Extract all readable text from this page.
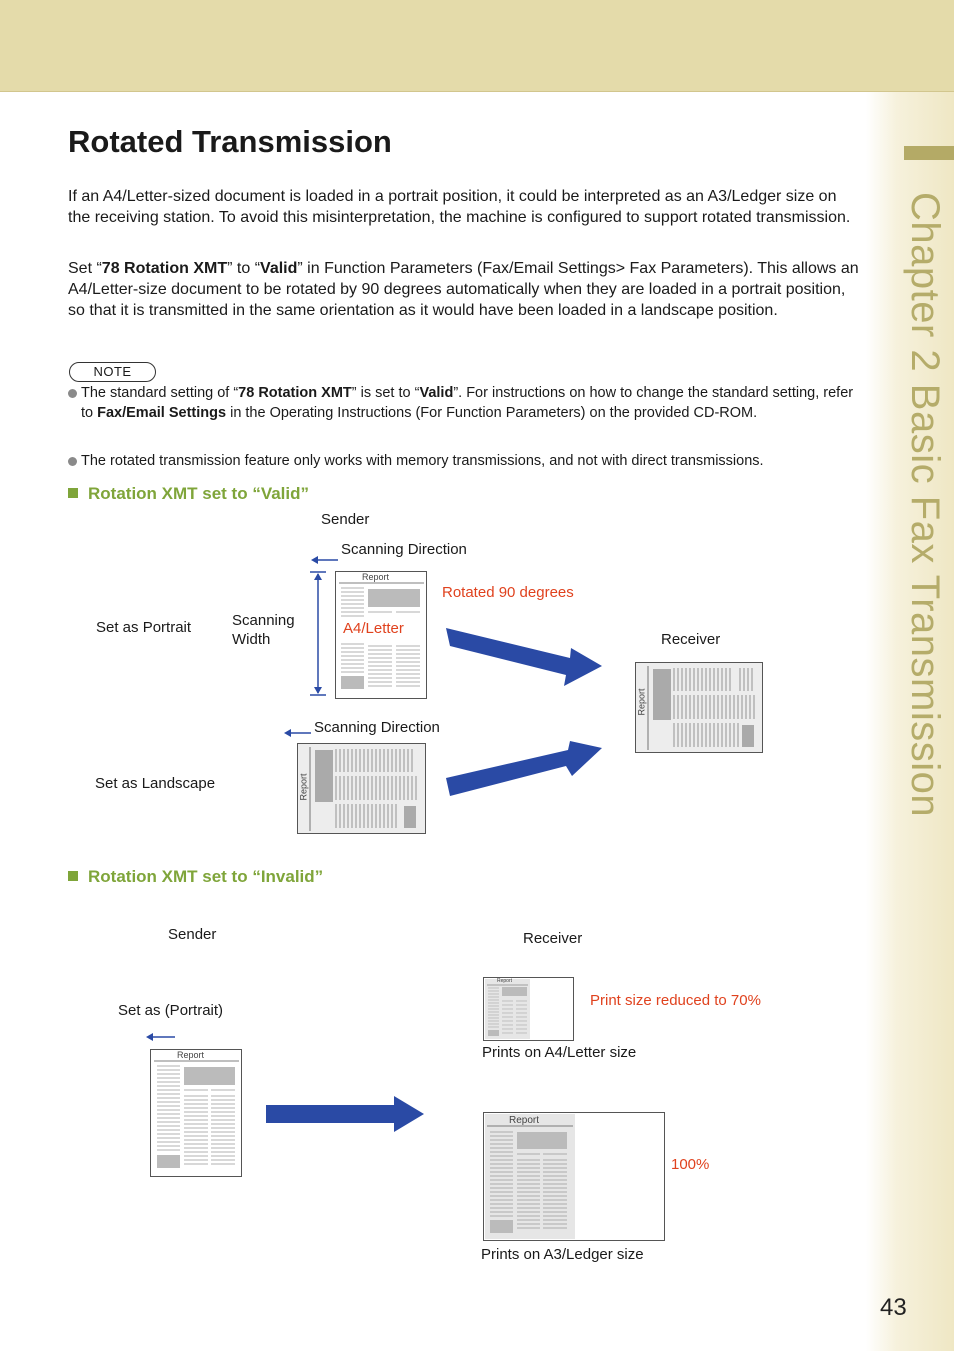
Chapter 2 Basic Fax Transmission
Rotated Transmission
If an A4/Letter-sized document is loaded in a portrait position, it could be interpreted as an A3/Ledger size on the receiving station. To avoid this misinterpretation, the machine is configured to support rotated transmission.
Set “78 Rotation XMT” to “Valid” in Function Parameters (Fax/Email Settings> Fax Parameters). This allows an A4/Letter-size document to be rotated by 90 degrees automatically when they are loaded in a portrait position, so that it is transmitted in the same orientation as it would have been loaded in a landscape position.
NOTE
The standard setting of “78 Rotation XMT” is set to “Valid”. For instructions on how to change the standard setting, refer to Fax/Email Settings in the Operating Instructions (For Function Parameters) on the provided CD-ROM.
The rotated transmission feature only works with memory transmissions, and not with direct transmissions.
Rotation XMT set to “Valid”
Sender
Scanning Direction
Scanning
Width
Set as Portrait
Report
A4/Letter
Rotated 90 degrees
Receiver
Report
Scanning Direction
Set as Landscape	Report
Rotation XMT set to “Invalid”
Sender	Receiver
Set as (Portrait)
Report
Report
Print size reduced to 70%
Prints on A4/Letter size
Report
100%
Prints on A3/Ledger size
43
